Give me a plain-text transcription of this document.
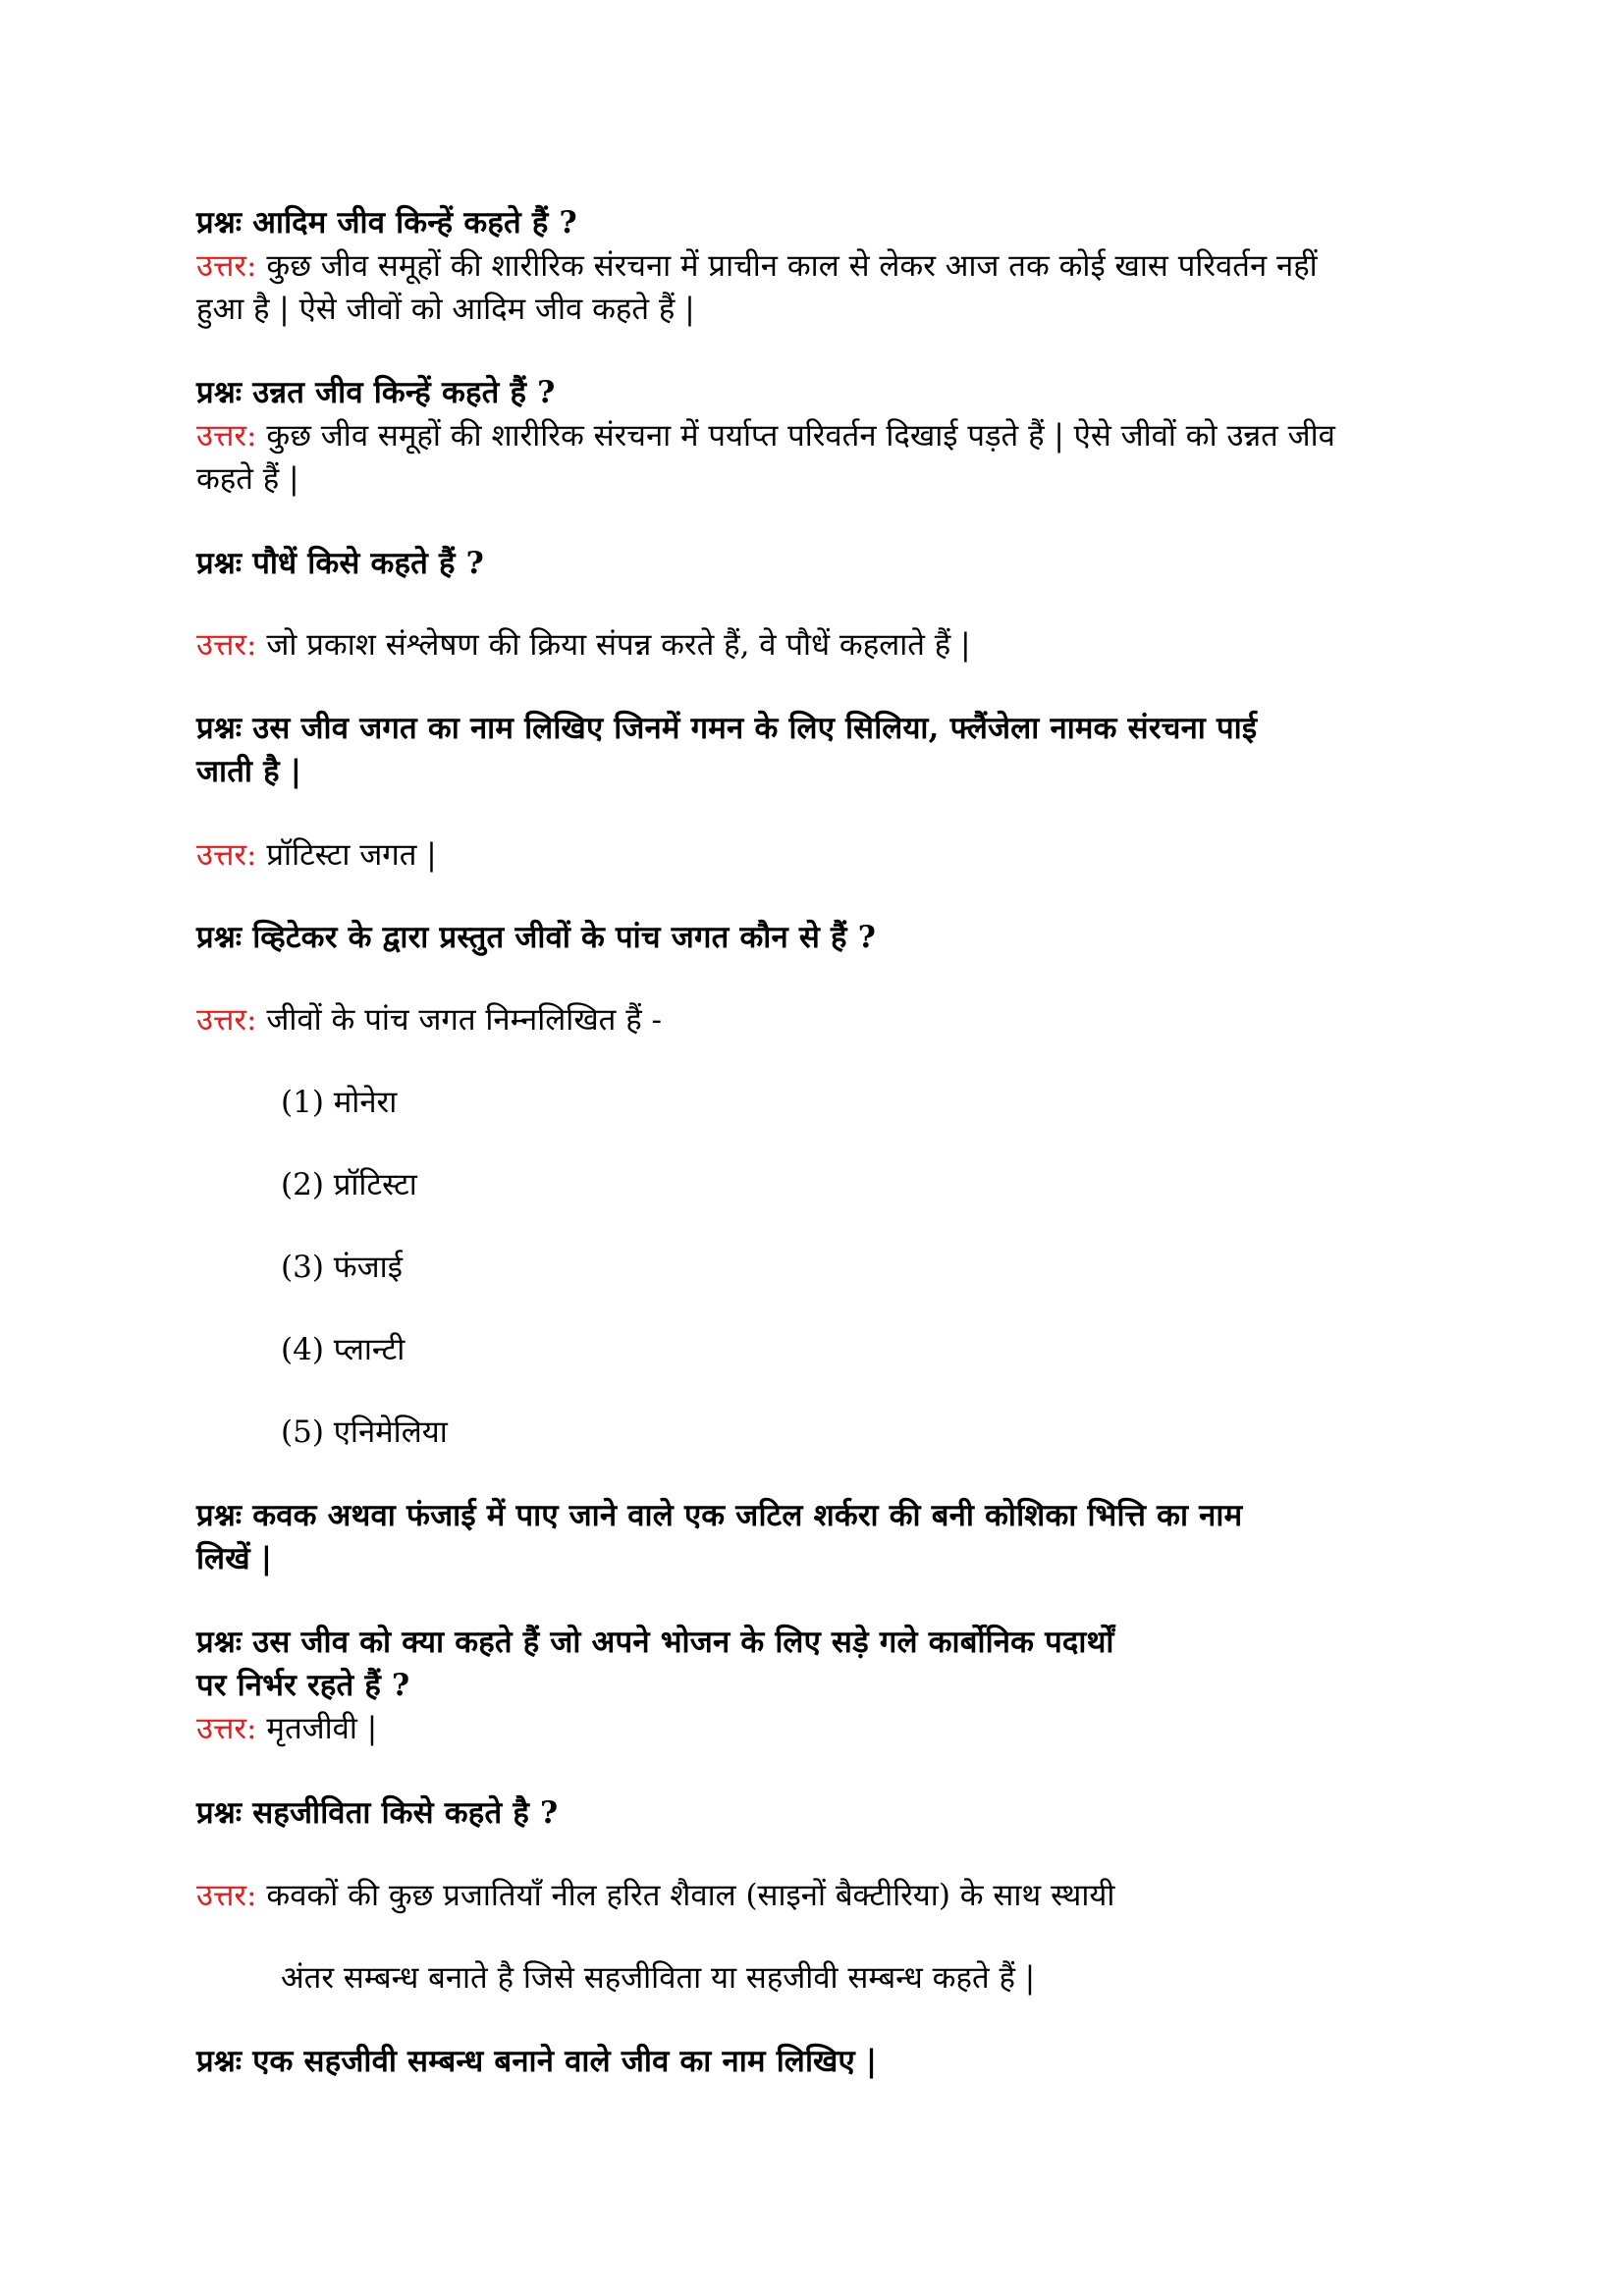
प्रश्नः आदिम जीव किन्हें कहते हैं ?
उत्तर: कुछ जीव समूहों की शारीरिक संरचना में प्राचीन काल से लेकर आज तक कोई खास परिवर्तन नहीं
हुआ है | ऐसे जीवों को आदिम जीव कहते हैं |
प्रश्नः उन्नत जीव किन्हें कहते हैं ?
उत्तर: कुछ जीव समूहों की शारीरिक संरचना में पर्याप्त परिवर्तन दिखाई पड़ते हैं | ऐसे जीवों को उन्नत जीव
कहते हैं |
प्रश्नः पौधें किसे कहते हैं ?
उत्तर: जो प्रकाश संश्लेषण की क्रिया संपन्न करते हैं, वे पौधें कहलाते हैं |
प्रश्नः उस जीव जगत का नाम लिखिए जिनमें गमन के लिए सिलिया, फ्लैंजेला नामक संरचना पाई
जाती है |
उत्तर: प्रॉटिस्टा जगत |
प्रश्नः व्हिटेकर के द्वारा प्रस्तुत जीवों के पांच जगत कौन से हैं ?
उत्तर: जीवों के पांच जगत निम्नलिखित हैं -
(1) मोनेरा
(2) प्रॉटिस्टा
(3) फंजाई
(4) प्लान्टी
(5) एनिमेलिया
प्रश्नः कवक अथवा फंजाई में पाए जाने वाले एक जटिल शर्करा की बनी कोशिका भित्ति का नाम
लिखें |
प्रश्नः उस जीव को क्या कहते हैं जो अपने भोजन के लिए सड़े गले कार्बोनिक पदार्थों
पर निर्भर रहते हैं ?
उत्तर: मृतजीवी |
प्रश्नः सहजीविता किसे कहते है ?
उत्तर: कवकों की कुछ प्रजातियाँ नील हरित शैवाल (साइनों बैक्टीरिया) के साथ स्थायी
अंतर सम्बन्ध बनाते है जिसे सहजीविता या सहजीवी सम्बन्ध कहते हैं |
प्रश्नः एक सहजीवी सम्बन्ध बनाने वाले जीव का नाम लिखिए |
